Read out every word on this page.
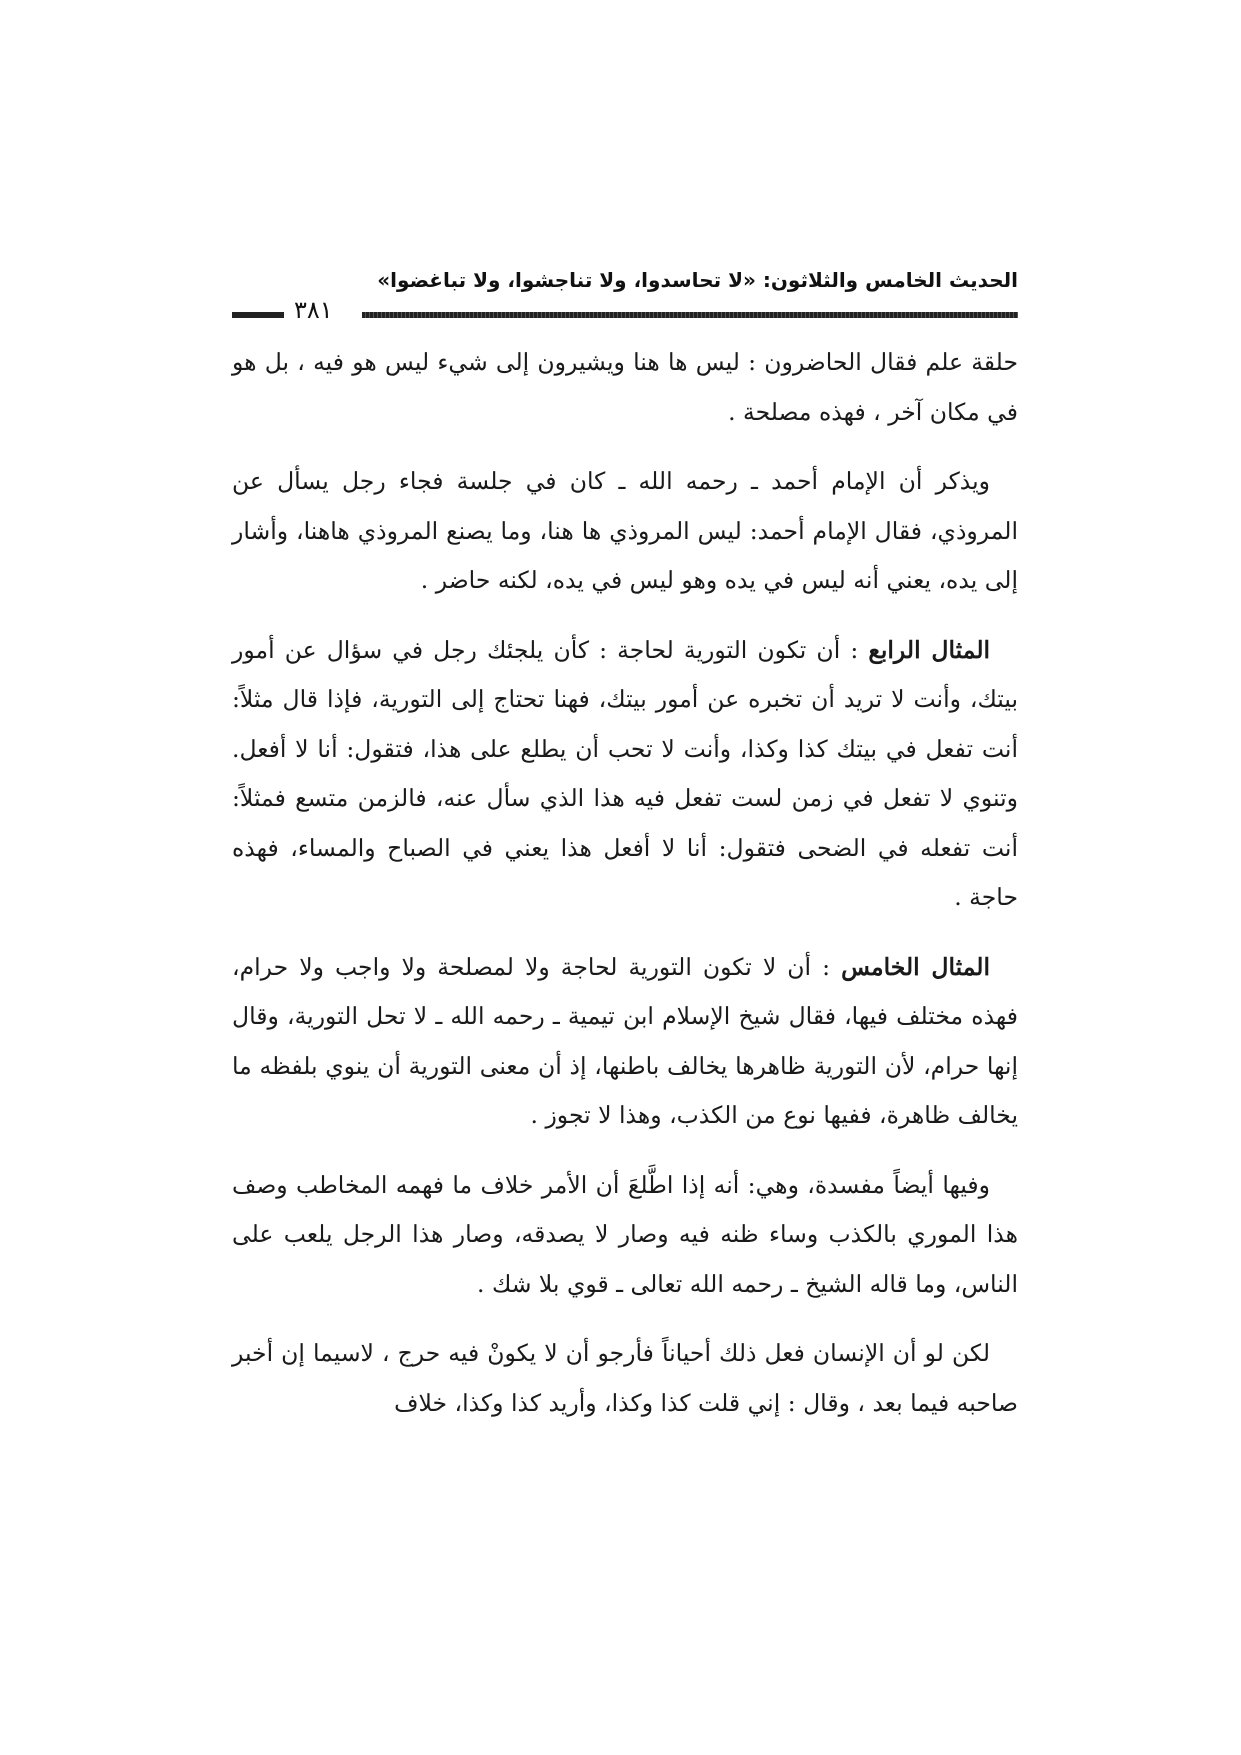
الحديث الخامس والثلاثون: «لا تحاسدوا، ولا تناجشوا، ولا تباغضوا»
٣٨١

حلقة علم فقال الحاضرون : ليس ها هنا ويشيرون إلى شيء ليس هو فيه ، بل هو في مكان آخر ، فهذه مصلحة .

ويذكر أن الإمام أحمد ـ رحمه الله ـ كان في جلسة فجاء رجل يسأل عن المروذي، فقال الإمام أحمد: ليس المروذي ها هنا، وما يصنع المروذي هاهنا، وأشار إلى يده، يعني أنه ليس في يده وهو ليس في يده، لكنه حاضر .

المثال الرابع : أن تكون التورية لحاجة : كأن يلجئك رجل في سؤال عن أمور بيتك، وأنت لا تريد أن تخبره عن أمور بيتك، فهنا تحتاج إلى التورية، فإذا قال مثلاً: أنت تفعل في بيتك كذا وكذا، وأنت لا تحب أن يطلع على هذا، فتقول: أنا لا أفعل. وتنوي لا تفعل في زمن لست تفعل فيه هذا الذي سأل عنه، فالزمن متسع فمثلاً: أنت تفعله في الضحى فتقول: أنا لا أفعل هذا يعني في الصباح والمساء، فهذه حاجة .

المثال الخامس : أن لا تكون التورية لحاجة ولا لمصلحة ولا واجب ولا حرام، فهذه مختلف فيها، فقال شيخ الإسلام ابن تيمية ـ رحمه الله ـ لا تحل التورية، وقال إنها حرام، لأن التورية ظاهرها يخالف باطنها، إذ أن معنى التورية أن ينوي بلفظه ما يخالف ظاهرة، ففيها نوع من الكذب، وهذا لا تجوز .

وفيها أيضاً مفسدة، وهي: أنه إذا اطَّلعَ أن الأمر خلاف ما فهمه المخاطب وصف هذا الموري بالكذب وساء ظنه فيه وصار لا يصدقه، وصار هذا الرجل يلعب على الناس، وما قاله الشيخ ـ رحمه الله تعالى ـ قوي بلا شك .

لكن لو أن الإنسان فعل ذلك أحياناً فأرجو أن لا يكونْ فيه حرج ، لاسيما إن أخبر صاحبه فيما بعد ، وقال : إني قلت كذا وكذا، وأريد كذا وكذا، خلاف
